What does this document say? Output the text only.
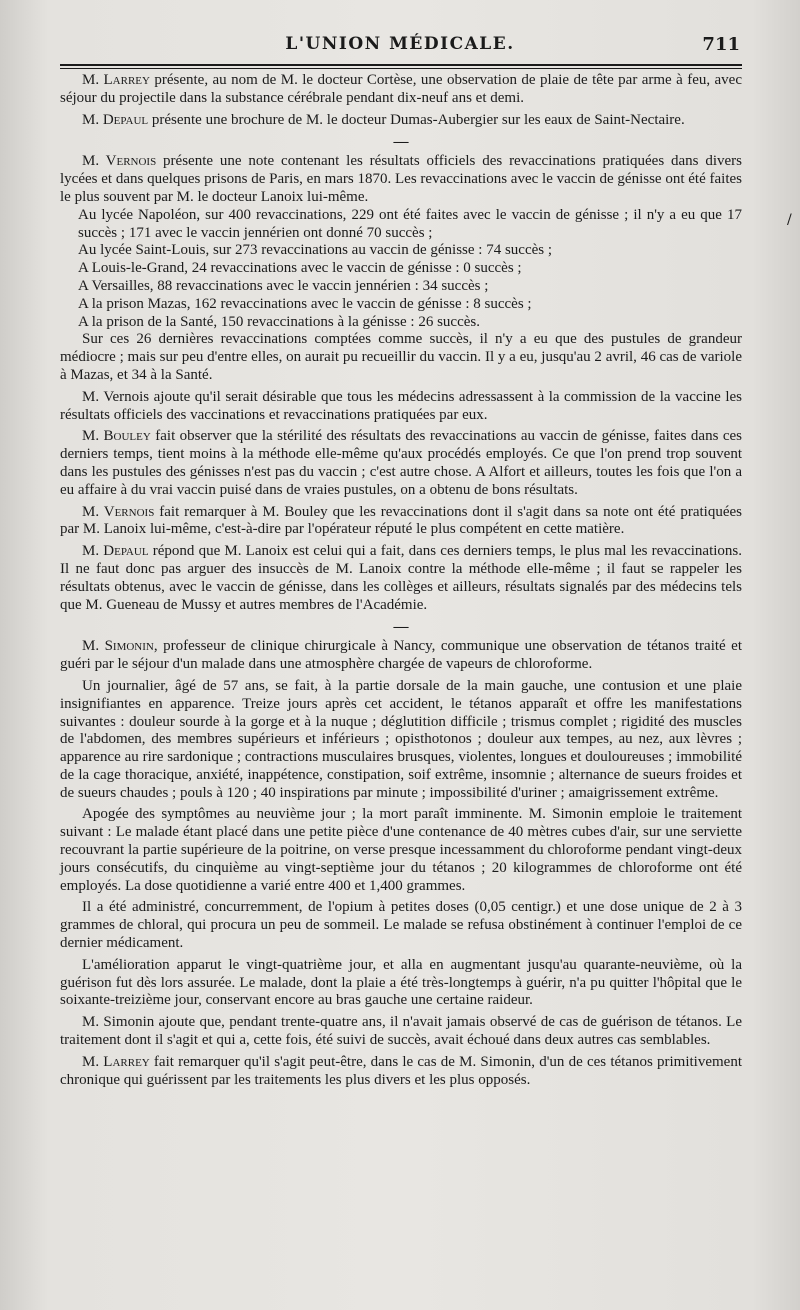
L'UNION MÉDICALE.	711
/

M. Larrey présente, au nom de M. le docteur Cortèse, une observation de plaie de tête par arme à feu, avec séjour du projectile dans la substance cérébrale pendant dix-neuf ans et demi.

M. Depaul présente une brochure de M. le docteur Dumas-Aubergier sur les eaux de Saint-Nectaire.

—

M. Vernois présente une note contenant les résultats officiels des revaccinations pratiquées dans divers lycées et dans quelques prisons de Paris, en mars 1870. Les revaccinations avec le vaccin de génisse ont été faites le plus souvent par M. le docteur Lanoix lui-même.

Au lycée Napoléon, sur 400 revaccinations, 229 ont été faites avec le vaccin de génisse ; il n'y a eu que 17 succès ; 171 avec le vaccin jennérien ont donné 70 succès ;

Au lycée Saint-Louis, sur 273 revaccinations au vaccin de génisse : 74 succès ;

A Louis-le-Grand, 24 revaccinations avec le vaccin de génisse : 0 succès ;

A Versailles, 88 revaccinations avec le vaccin jennérien : 34 succès ;

A la prison Mazas, 162 revaccinations avec le vaccin de génisse : 8 succès ;

A la prison de la Santé, 150 revaccinations à la génisse : 26 succès.

Sur ces 26 dernières revaccinations comptées comme succès, il n'y a eu que des pustules de grandeur médiocre ; mais sur peu d'entre elles, on aurait pu recueillir du vaccin. Il y a eu, jusqu'au 2 avril, 46 cas de variole à Mazas, et 34 à la Santé.

M. Vernois ajoute qu'il serait désirable que tous les médecins adressassent à la commission de la vaccine les résultats officiels des vaccinations et revaccinations pratiquées par eux.

M. Bouley fait observer que la stérilité des résultats des revaccinations au vaccin de génisse, faites dans ces derniers temps, tient moins à la méthode elle-même qu'aux procédés employés. Ce que l'on prend trop souvent dans les pustules des génisses n'est pas du vaccin ; c'est autre chose. A Alfort et ailleurs, toutes les fois que l'on a eu affaire à du vrai vaccin puisé dans de vraies pustules, on a obtenu de bons résultats.

M. Vernois fait remarquer à M. Bouley que les revaccinations dont il s'agit dans sa note ont été pratiquées par M. Lanoix lui-même, c'est-à-dire par l'opérateur réputé le plus compétent en cette matière.

M. Depaul répond que M. Lanoix est celui qui a fait, dans ces derniers temps, le plus mal les revaccinations. Il ne faut donc pas arguer des insuccès de M. Lanoix contre la méthode elle-même ; il faut se rappeler les résultats obtenus, avec le vaccin de génisse, dans les collèges et ailleurs, résultats signalés par des médecins tels que M. Gueneau de Mussy et autres membres de l'Académie.

—

M. Simonin, professeur de clinique chirurgicale à Nancy, communique une observation de tétanos traité et guéri par le séjour d'un malade dans une atmosphère chargée de vapeurs de chloroforme.

Un journalier, âgé de 57 ans, se fait, à la partie dorsale de la main gauche, une contusion et une plaie insignifiantes en apparence. Treize jours après cet accident, le tétanos apparaît et offre les manifestations suivantes : douleur sourde à la gorge et à la nuque ; déglutition difficile ; trismus complet ; rigidité des muscles de l'abdomen, des membres supérieurs et inférieurs ; opisthotonos ; douleur aux tempes, au nez, aux lèvres ; apparence au rire sardonique ; contractions musculaires brusques, violentes, longues et douloureuses ; immobilité de la cage thoracique, anxiété, inappétence, constipation, soif extrême, insomnie ; alternance de sueurs froides et de sueurs chaudes ; pouls à 120 ; 40 inspirations par minute ; impossibilité d'uriner ; amaigrissement extrême.

Apogée des symptômes au neuvième jour ; la mort paraît imminente. M. Simonin emploie le traitement suivant : Le malade étant placé dans une petite pièce d'une contenance de 40 mètres cubes d'air, sur une serviette recouvrant la partie supérieure de la poitrine, on verse presque incessamment du chloroforme pendant vingt-deux jours consécutifs, du cinquième au vingt-septième jour du tétanos ; 20 kilogrammes de chloroforme ont été employés. La dose quotidienne a varié entre 400 et 1,400 grammes.

Il a été administré, concurremment, de l'opium à petites doses (0,05 centigr.) et une dose unique de 2 à 3 grammes de chloral, qui procura un peu de sommeil. Le malade se refusa obstinément à continuer l'emploi de ce dernier médicament.

L'amélioration apparut le vingt-quatrième jour, et alla en augmentant jusqu'au quarante-neuvième, où la guérison fut dès lors assurée. Le malade, dont la plaie a été très-longtemps à guérir, n'a pu quitter l'hôpital que le soixante-treizième jour, conservant encore au bras gauche une certaine raideur.

M. Simonin ajoute que, pendant trente-quatre ans, il n'avait jamais observé de cas de guérison de tétanos. Le traitement dont il s'agit et qui a, cette fois, été suivi de succès, avait échoué dans deux autres cas semblables.

M. Larrey fait remarquer qu'il s'agit peut-être, dans le cas de M. Simonin, d'un de ces tétanos primitivement chronique qui guérissent par les traitements les plus divers et les plus opposés.
